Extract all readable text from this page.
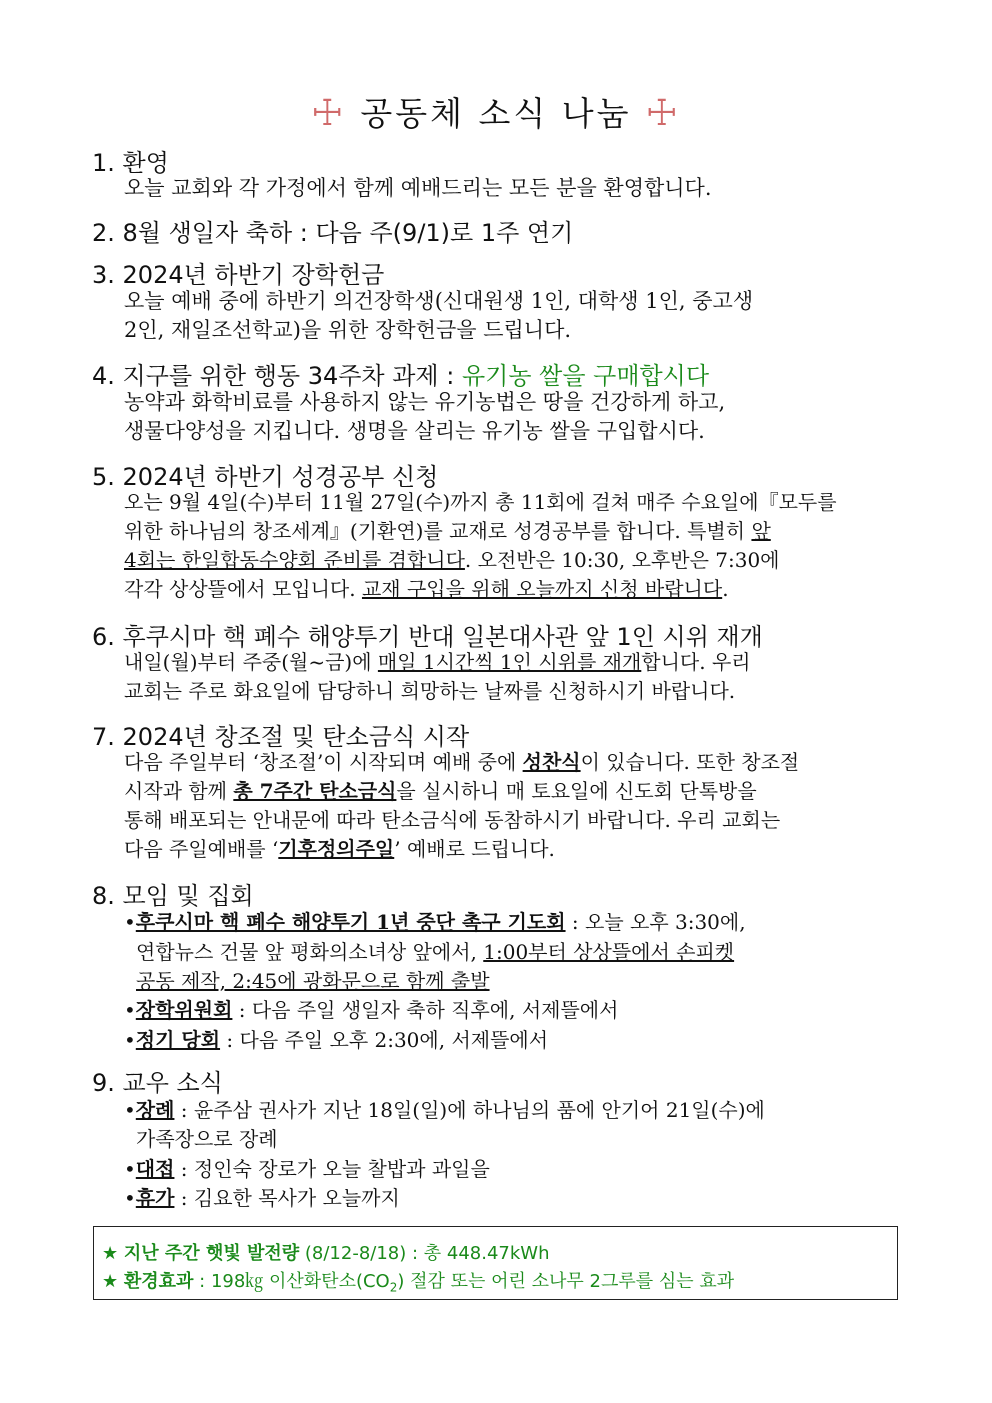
☩ 공동체 소식 나눔 ☩
1. 환영
오늘 교회와 각 가정에서 함께 예배드리는 모든 분을 환영합니다.
2. 8월 생일자 축하 : 다음 주(9/1)로 1주 연기
3. 2024년 하반기 장학헌금
오늘 예배 중에 하반기 의건장학생(신대원생 1인, 대학생 1인, 중고생
2인, 재일조선학교)을 위한 장학헌금을 드립니다.
4. 지구를 위한 행동 34주차 과제 : 유기농 쌀을 구매합시다
농약과 화학비료를 사용하지 않는 유기농법은 땅을 건강하게 하고,
생물다양성을 지킵니다. 생명을 살리는 유기농 쌀을 구입합시다.
5. 2024년 하반기 성경공부 신청
오는 9월 4일(수)부터 11월 27일(수)까지 총 11회에 걸쳐 매주 수요일에『모두를
위한 하나님의 창조세계』(기환연)를 교재로 성경공부를 합니다. 특별히 앞
4회는 한일합동수양회 준비를 겸합니다. 오전반은 10:30, 오후반은 7:30에
각각 상상뜰에서 모입니다. 교재 구입을 위해 오늘까지 신청 바랍니다.
6. 후쿠시마 핵 폐수 해양투기 반대 일본대사관 앞 1인 시위 재개
내일(월)부터 주중(월~금)에 매일 1시간씩 1인 시위를 재개합니다. 우리
교회는 주로 화요일에 담당하니 희망하는 날짜를 신청하시기 바랍니다.
7. 2024년 창조절 및 탄소금식 시작
다음 주일부터 ‘창조절’이 시작되며 예배 중에 성찬식이 있습니다. 또한 창조절
시작과 함께 총 7주간 탄소금식을 실시하니 매 토요일에 신도회 단톡방을
통해 배포되는 안내문에 따라 탄소금식에 동참하시기 바랍니다. 우리 교회는
다음 주일예배를 ‘기후정의주일’ 예배로 드립니다.
8. 모임 및 집회
•후쿠시마 핵 폐수 해양투기 1년 중단 촉구 기도회 : 오늘 오후 3:30에,
연합뉴스 건물 앞 평화의소녀상 앞에서, 1:00부터 상상뜰에서 손피켓
공동 제작, 2:45에 광화문으로 함께 출발
•장학위원회 : 다음 주일 생일자 축하 직후에, 서제뜰에서
•정기 당회 : 다음 주일 오후 2:30에, 서제뜰에서
9. 교우 소식
•장례 : 윤주삼 권사가 지난 18일(일)에 하나님의 품에 안기어 21일(수)에
가족장으로 장례
•대접 : 정인숙 장로가 오늘 찰밥과 과일을
•휴가 : 김요한 목사가 오늘까지
★ 지난 주간 햇빛 발전량 (8/12-8/18) : 총 448.47kWh
★ 환경효과 : 198㎏ 이산화탄소$(CO_2)$ 절감 또는 어린 소나무 2그루를 심는 효과
